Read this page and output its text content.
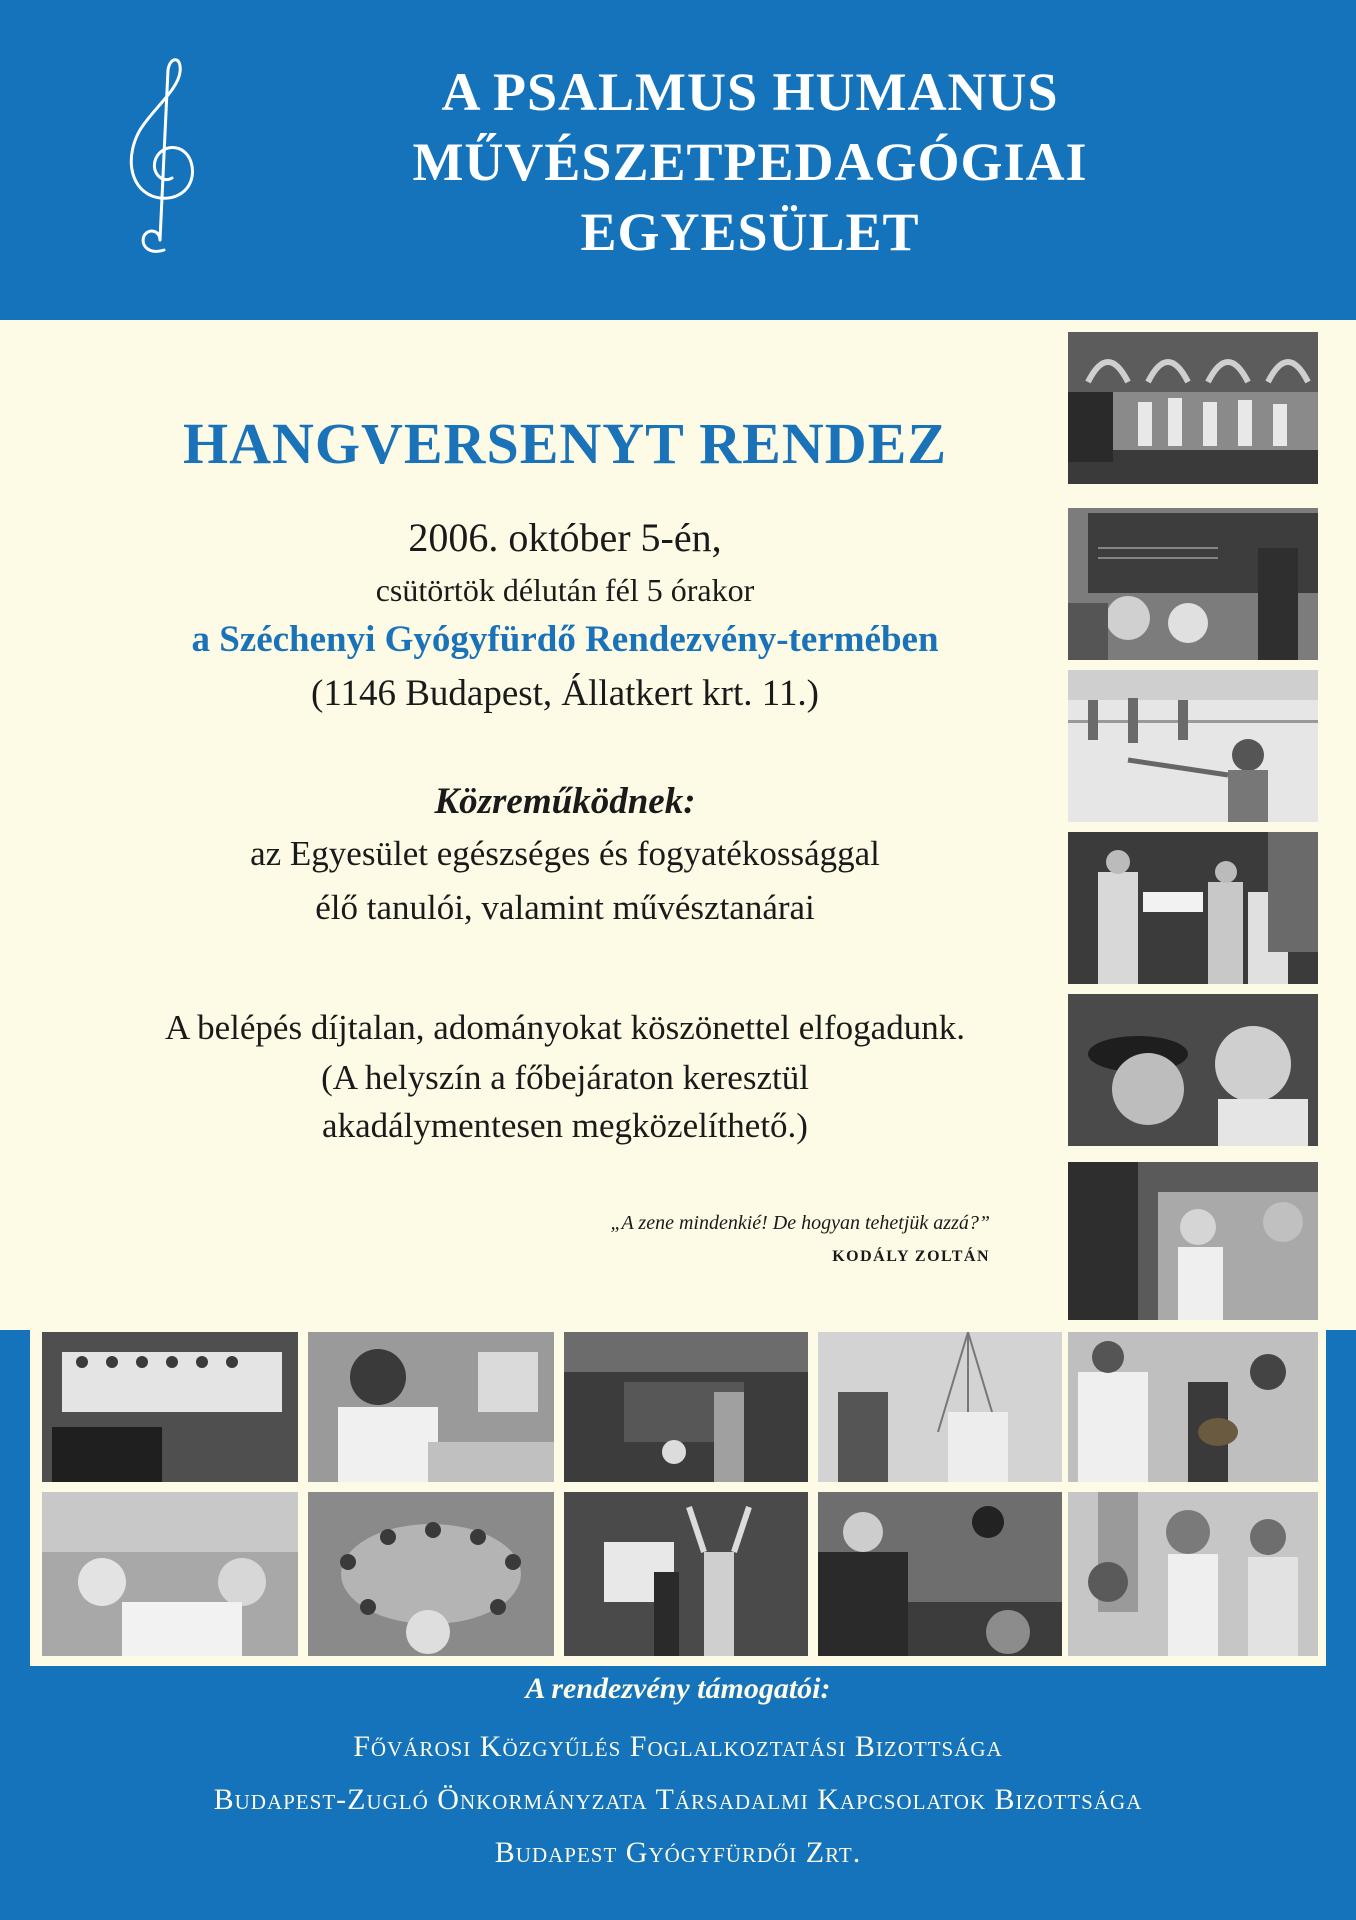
A PSALMUS HUMANUS
MŰVÉSZETPEDAGÓGIAI
EGYESÜLET
HANGVERSENYT RENDEZ
2006. október 5-én,
csütörtök délután fél 5 órakor
a Széchenyi Gyógyfürdő Rendezvény-termében
(1146 Budapest, Állatkert krt. 11.)
Közreműködnek:
az Egyesület egészséges és fogyatékossággal
élő tanulói, valamint művésztanárai
A belépés díjtalan, adományokat köszönettel elfogadunk.
(A helyszín a főbejáraton keresztül
akadálymentesen megközelíthető.)
„A zene mindenkié! De hogyan tehetjük azzá?”
KODÁLY ZOLTÁN
A rendezvény támogatói:
Fővárosi Közgyűlés Foglalkoztatási Bizottsága
Budapest-Zugló Önkormányzata Társadalmi Kapcsolatok Bizottsága
Budapest Gyógyfürdői Zrt.
